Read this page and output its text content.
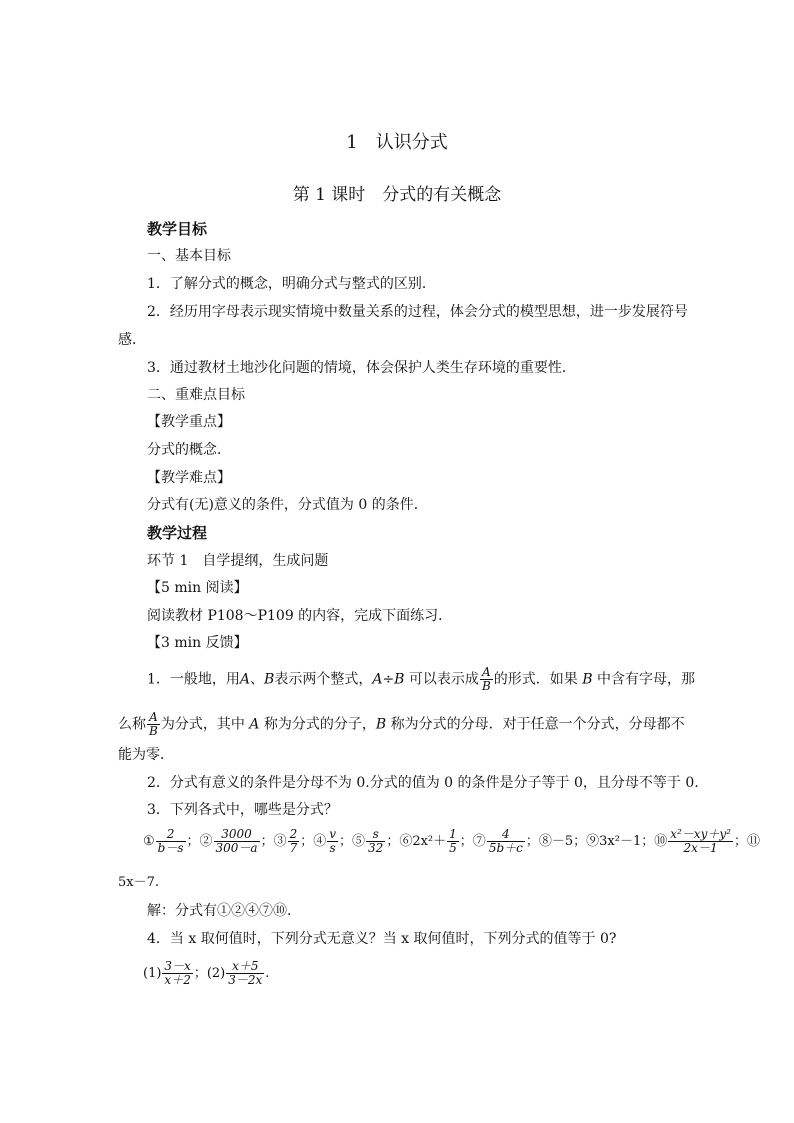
1　认识分式
第 1 课时　分式的有关概念
教学目标
一、基本目标
1．了解分式的概念，明确分式与整式的区别．
2．经历用字母表示现实情境中数量关系的过程，体会分式的模型思想，进一步发展符号
感．
3．通过教材土地沙化问题的情境，体会保护人类生存环境的重要性．
二、重难点目标
【教学重点】
分式的概念．
【教学难点】
分式有(无)意义的条件，分式值为 0 的条件．
教学过程
环节 1　自学提纲，生成问题
【5 min 阅读】
阅读教材 P108～P109 的内容，完成下面练习．
【3 min 反馈】
1．一般地，用A、B表示两个整式，A÷B 可以表示成 $\frac{A}{B}$ 的形式．如果 B 中含有字母，那
么称 $\frac{A}{B}$ 为分式，其中 A 称为分式的分子，B 称为分式的分母．对于任意一个分式，分母都不
能为零．
2．分式有意义的条件是分母不为 0.分式的值为 0 的条件是分子等于 0，且分母不等于 0.
3．下列各式中，哪些是分式？
① $\frac{2}{b-s}$ ；② $\frac{3000}{300-a}$ ；③ $\frac{2}{7}$ ；④ $\frac{v}{s}$ ；⑤ $\frac{s}{32}$ ；⑥2x²＋ $\frac{1}{5}$ ；⑦ $\frac{4}{5b+c}$ ；⑧－5；⑨3x²－1；⑩ $\frac{\text{x²－xy＋y²}}{2x-1}$ ；⑪
5x－7.
解：分式有①②④⑦⑩.
4．当 x 取何值时，下列分式无意义？当 x 取何值时，下列分式的值等于 0?
$(1) \frac{3-x}{x+2}$ ；$(2) \frac{x+5}{3-2x}$ .
